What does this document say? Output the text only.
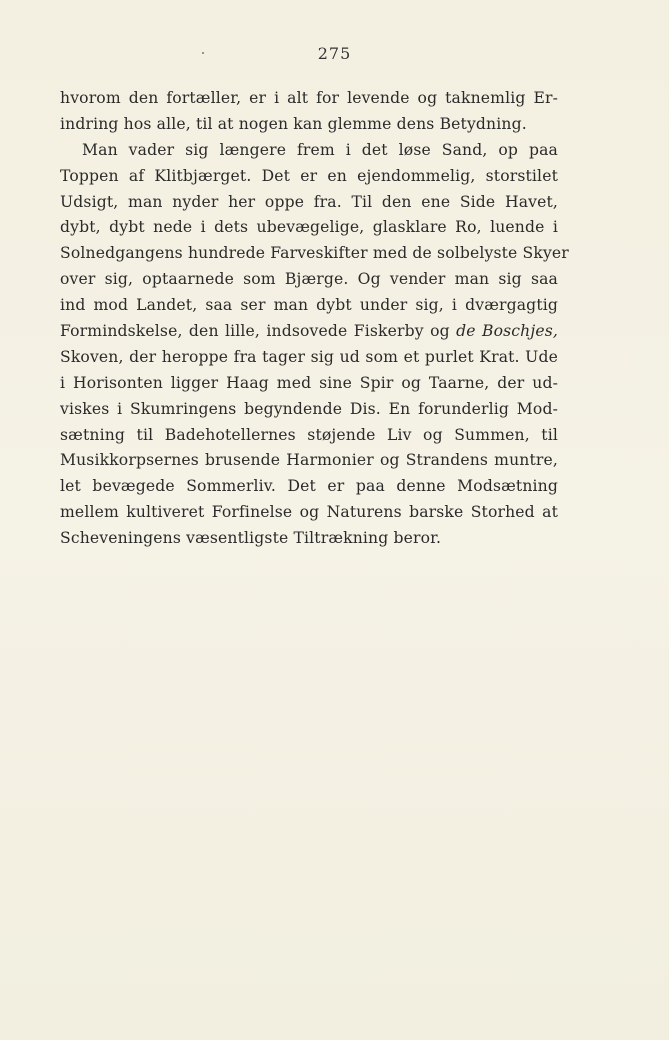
275
hvorom den fortæller, er i alt for levende og taknemlig Er-
indring hos alle, til at nogen kan glemme dens Betydning.
Man vader sig længere frem i det løse Sand, op paa
Toppen af Klitbjærget. Det er en ejendommelig, storstilet
Udsigt, man nyder her oppe fra. Til den ene Side Havet,
dybt, dybt nede i dets ubevægelige, glasklare Ro, luende i
Solnedgangens hundrede Farveskifter med de solbelyste Skyer
over sig, optaarnede som Bjærge. Og vender man sig saa
ind mod Landet, saa ser man dybt under sig, i dværgagtig
Formindskelse, den lille, indsovede Fiskerby og de Boschjes,
Skoven, der heroppe fra tager sig ud som et purlet Krat. Ude
i Horisonten ligger Haag med sine Spir og Taarne, der ud-
viskes i Skumringens begyndende Dis. En forunderlig Mod-
sætning til Badehotellernes støjende Liv og Summen, til
Musikkorpsernes brusende Harmonier og Strandens muntre,
let bevægede Sommerliv. Det er paa denne Modsætning
mellem kultiveret Forfinelse og Naturens barske Storhed at
Scheveningens væsentligste Tiltrækning beror.
